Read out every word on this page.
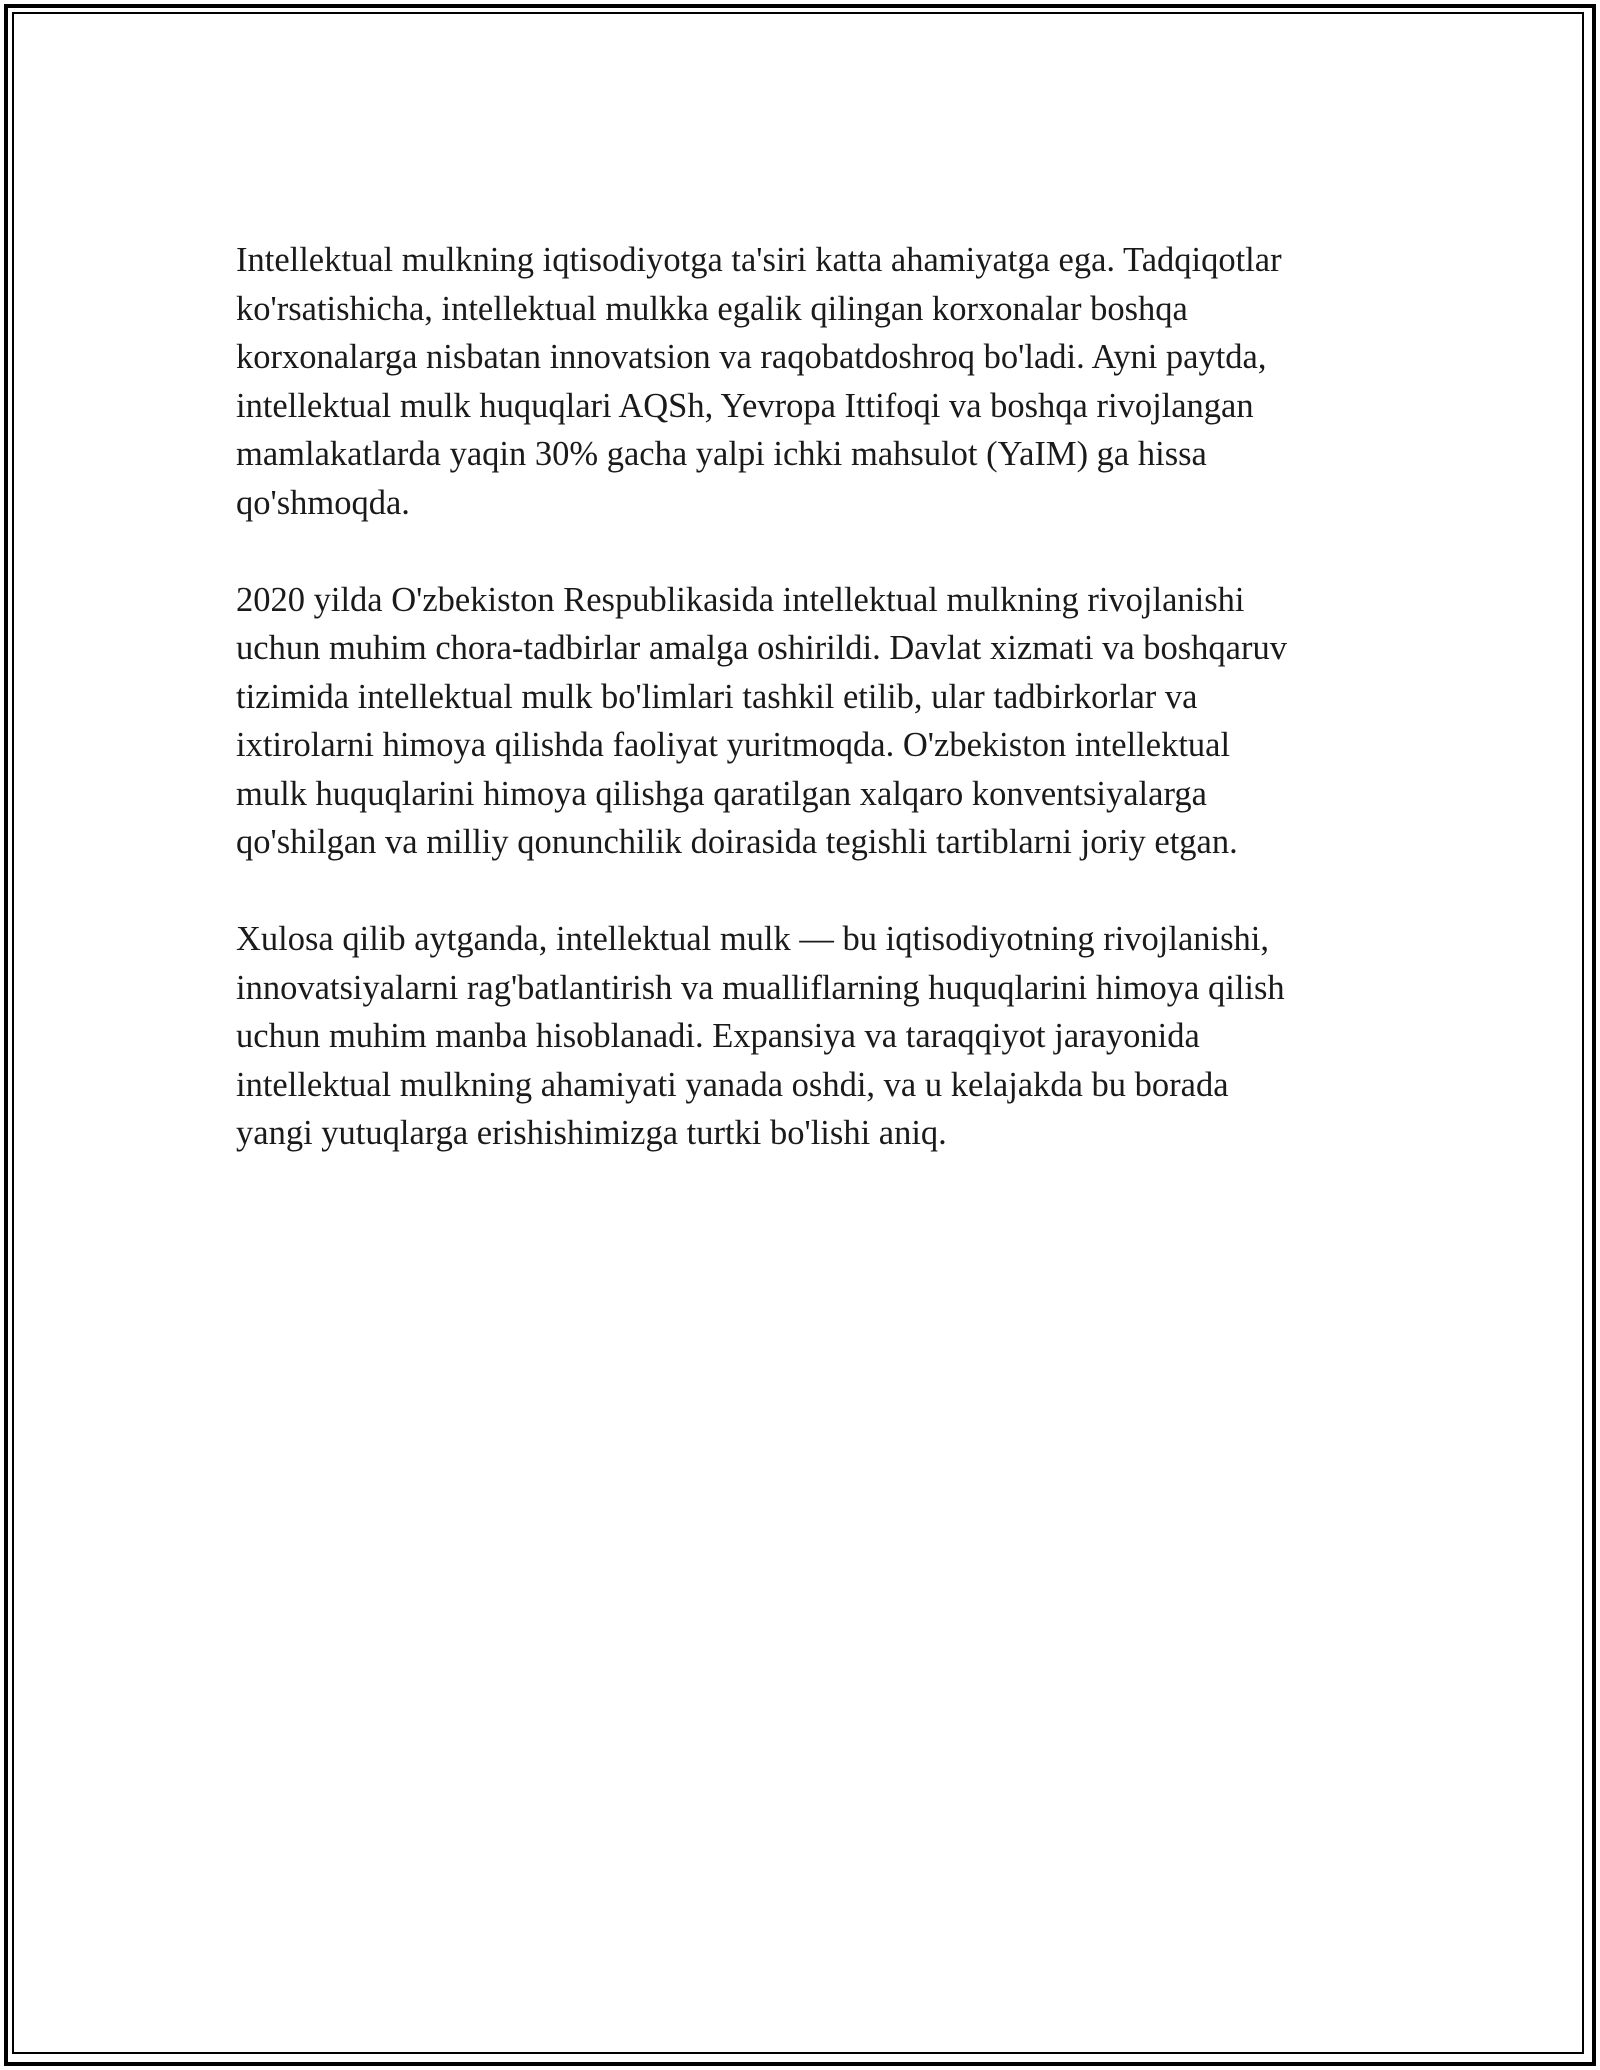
Intellektual mulkning iqtisodiyotga ta'siri katta ahamiyatga ega. Tadqiqotlar
ko'rsatishicha, intellektual mulkka egalik qilingan korxonalar boshqa
korxonalarga nisbatan innovatsion va raqobatdoshroq bo'ladi. Ayni paytda,
intellektual mulk huquqlari AQSh, Yevropa Ittifoqi va boshqa rivojlangan
mamlakatlarda yaqin 30% gacha yalpi ichki mahsulot (YaIM) ga hissa
qo'shmoqda.

2020 yilda O'zbekiston Respublikasida intellektual mulkning rivojlanishi
uchun muhim chora-tadbirlar amalga oshirildi. Davlat xizmati va boshqaruv
tizimida intellektual mulk bo'limlari tashkil etilib, ular tadbirkorlar va
ixtirolarni himoya qilishda faoliyat yuritmoqda. O'zbekiston intellektual
mulk huquqlarini himoya qilishga qaratilgan xalqaro konventsiyalarga
qo'shilgan va milliy qonunchilik doirasida tegishli tartiblarni joriy etgan.

Xulosa qilib aytganda, intellektual mulk — bu iqtisodiyotning rivojlanishi,
innovatsiyalarni rag'batlantirish va mualliflarning huquqlarini himoya qilish
uchun muhim manba hisoblanadi. Expansiya va taraqqiyot jarayonida
intellektual mulkning ahamiyati yanada oshdi, va u kelajakda bu borada
yangi yutuqlarga erishishimizga turtki bo'lishi aniq.
